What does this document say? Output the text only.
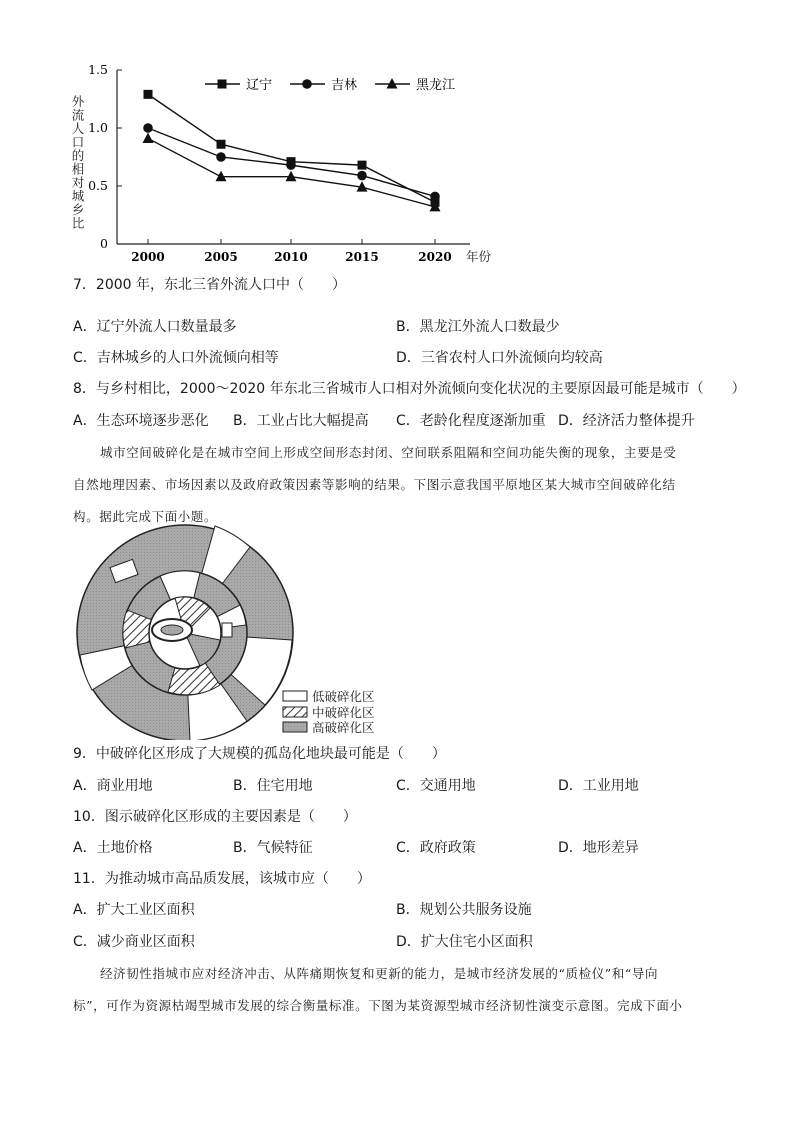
0
0.5
1.0
1.5
2000	2005	2010	2015	2020
辽宁	吉林	黑龙江
外流人口的相对城乡比
年份
7．2000 年，东北三省外流人口中（　　）
A．辽宁外流人口数量最多	B．黑龙江外流人口数最少
C．吉林城乡的人口外流倾向相等	D．三省农村人口外流倾向均较高
8．与乡村相比，2000～2020 年东北三省城市人口相对外流倾向变化状况的主要原因最可能是城市（　　）
A．生态环境逐步恶化 B．工业占比大幅提高 C．老龄化程度逐渐加重 D．经济活力整体提升
城市空间破碎化是在城市空间上形成空间形态封闭、空间联系阻隔和空间功能失衡的现象，主要是受
自然地理因素、市场因素以及政府政策因素等影响的结果。下图示意我国平原地区某大城市空间破碎化结
构。据此完成下面小题。
低破碎化区
中破碎化区
高破碎化区
9．中破碎化区形成了大规模的孤岛化地块最可能是（　　）
A．商业用地	B．住宅用地	C．交通用地	D．工业用地
10．图示破碎化区形成的主要因素是（　　）
A．土地价格	B．气候特征	C．政府政策	D．地形差异
11．为推动城市高品质发展，该城市应（　　）
A．扩大工业区面积	B．规划公共服务设施
C．减少商业区面积	D．扩大住宅小区面积
经济韧性指城市应对经济冲击、从阵痛期恢复和更新的能力，是城市经济发展的“质检仪”和“导向
标”，可作为资源枯竭型城市发展的综合衡量标准。下图为某资源型城市经济韧性演变示意图。完成下面小
